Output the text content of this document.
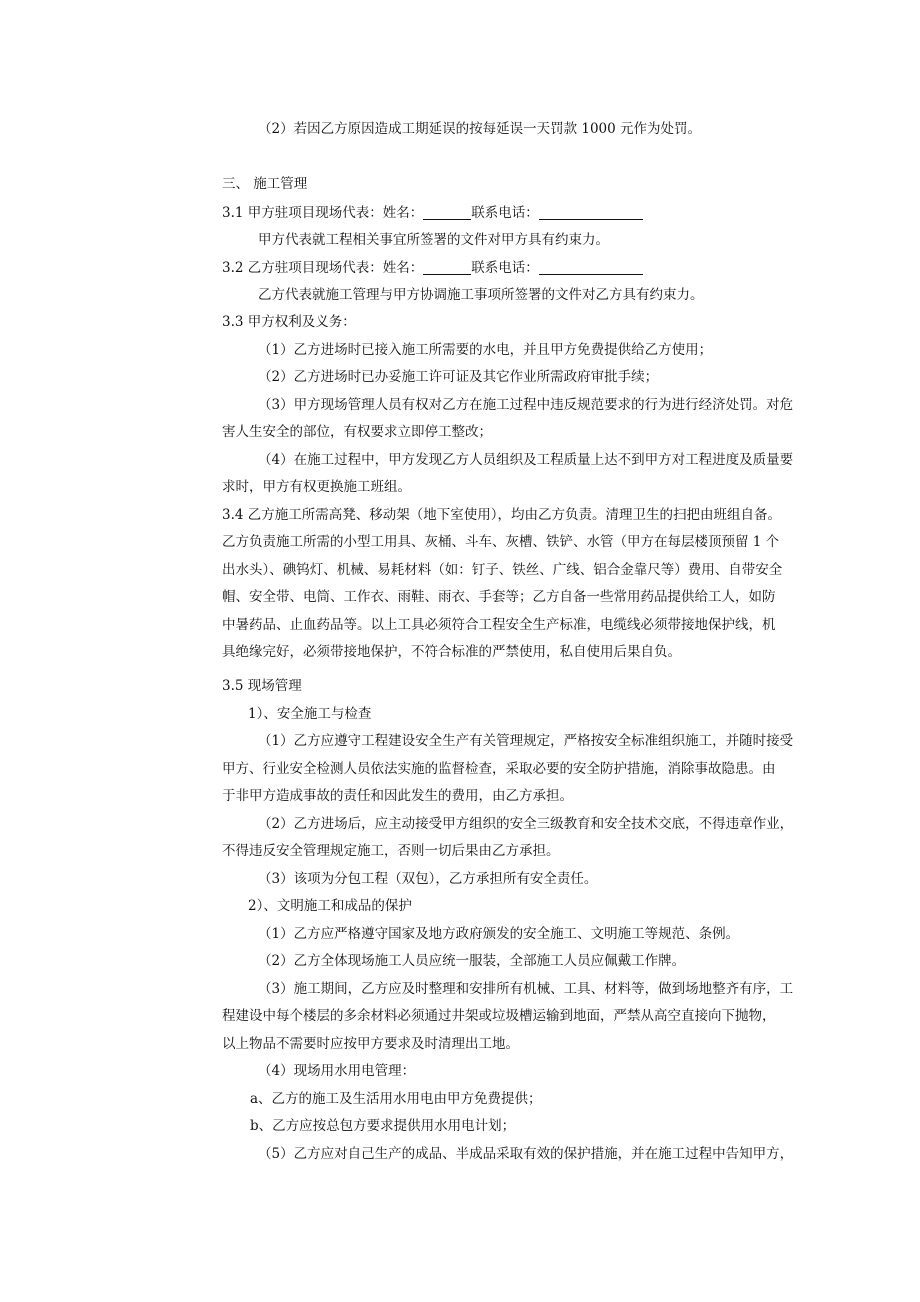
（2）若因乙方原因造成工期延误的按每延误一天罚款 1000 元作为处罚。
三、 施工管理
3.1 甲方驻项目现场代表：姓名：	联系电话：
甲方代表就工程相关事宜所签署的文件对甲方具有约束力。
3.2 乙方驻项目现场代表：姓名：	联系电话：
乙方代表就施工管理与甲方协调施工事项所签署的文件对乙方具有约束力。
3.3 甲方权利及义务：
（1）乙方进场时已接入施工所需要的水电，并且甲方免费提供给乙方使用；
（2）乙方进场时已办妥施工许可证及其它作业所需政府审批手续；
（3）甲方现场管理人员有权对乙方在施工过程中违反规范要求的行为进行经济处罚。对危
害人生安全的部位，有权要求立即停工整改；
（4）在施工过程中，甲方发现乙方人员组织及工程质量上达不到甲方对工程进度及质量要
求时，甲方有权更换施工班组。
3.4 乙方施工所需高凳、移动架（地下室使用），均由乙方负责。清理卫生的扫把由班组自备。
乙方负责施工所需的小型工用具、灰桶、斗车、灰槽、铁铲、水管（甲方在每层楼顶预留 1 个
出水头）、碘钨灯、机械、易耗材料（如：钉子、铁丝、广线、铝合金靠尺等）费用、自带安全
帽、安全带、电筒、工作衣、雨鞋、雨衣、手套等；乙方自备一些常用药品提供给工人，如防
中暑药品、止血药品等。以上工具必须符合工程安全生产标准，电缆线必须带接地保护线，机
具绝缘完好，必须带接地保护，不符合标准的严禁使用，私自使用后果自负。
3.5 现场管理
1）、安全施工与检查
（1）乙方应遵守工程建设安全生产有关管理规定，严格按安全标准组织施工，并随时接受
甲方、行业安全检测人员依法实施的监督检查，采取必要的安全防护措施，消除事故隐患。由
于非甲方造成事故的责任和因此发生的费用，由乙方承担。
（2）乙方进场后，应主动接受甲方组织的安全三级教育和安全技术交底，不得违章作业，
不得违反安全管理规定施工，否则一切后果由乙方承担。
（3）该项为分包工程（双包），乙方承担所有安全责任。
2）、文明施工和成品的保护
（1）乙方应严格遵守国家及地方政府颁发的安全施工、文明施工等规范、条例。
（2）乙方全体现场施工人员应统一服装，全部施工人员应佩戴工作牌。
（3）施工期间，乙方应及时整理和安排所有机械、工具、材料等，做到场地整齐有序，工
程建设中每个楼层的多余材料必须通过井架或垃圾槽运输到地面，严禁从高空直接向下抛物，
以上物品不需要时应按甲方要求及时清理出工地。
（4）现场用水用电管理：
a、乙方的施工及生活用水用电由甲方免费提供；
b、乙方应按总包方要求提供用水用电计划；
（5）乙方应对自己生产的成品、半成品采取有效的保护措施，并在施工过程中告知甲方，
